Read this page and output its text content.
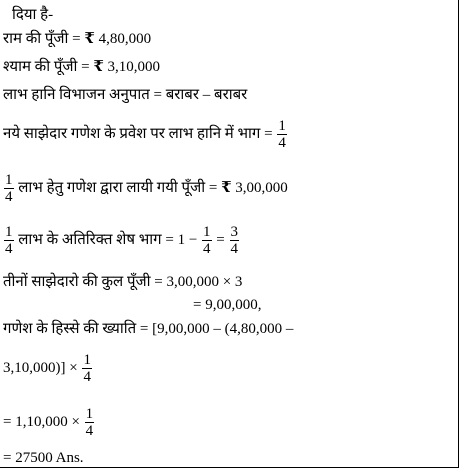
दिया है-
राम की पूँजी = ₹ 4,80,000
श्याम की पूँजी = ₹ 3,10,000
लाभ हानि विभाजन अनुपात = बराबर – बराबर
नये साझेदार गणेश के प्रवेश पर लाभ हानि में भाग = $\frac{1}{4}$
$\frac{1}{4}$ लाभ हेतु गणेश द्वारा लायी गयी पूँजी = ₹ 3,00,000
$\frac{1}{4}$ लाभ के अतिरिक्त शेष भाग = $1 - \frac{1}{4} = \frac{3}{4}$
तीनों साझेदारो की कुल पूँजी = 3,00,000 × 3
= 9,00,000,
गणेश के हिस्से की ख्याति = [9,00,000 – (4,80,000 –
$3,10,000)] \times \frac{1}{4}$
= $1,10,000 \times \frac{1}{4}$
= 27500 Ans.
